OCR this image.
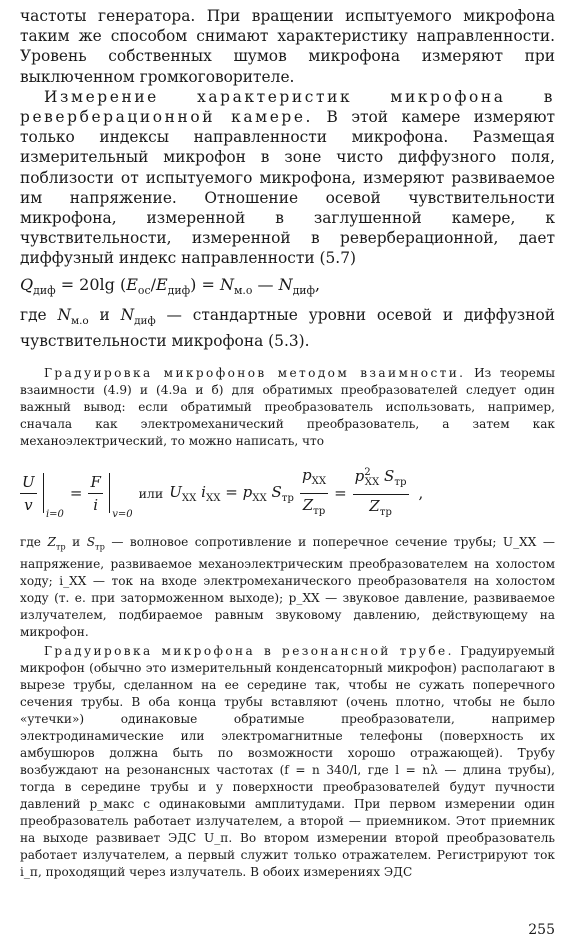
частоты генератора. При вращении испытуемого микрофона таким же способом снимают характеристику направленности. Уровень собственных шумов микрофона измеряют при выключенном громкоговорителе.

Измерение характеристик микрофона в реверберационной камере. В этой камере измеряют только индексы направленности микрофона. Размещая измерительный микрофон в зоне чисто диффузного поля, поблизости от испытуемого микрофона, измеряют развиваемое им напряжение. Отношение осевой чувствительности микрофона, измеренной в заглушенной камере, к чувствительности, измеренной в реверберационной, дает диффузный индекс направленности (5.7)

$Q_{диф} = 20\lg$ $(E_{ос}/E_{диф}) = N_{м.о}$ — $N_{диф}$,

где $N_{м.о}$ и $N_{диф}$ — стандартные уровни осевой и диффузной чувствительности микрофона (5.3).

Градуировка микрофонов методом взаимности. Из теоремы взаимности (4.9) и (4.9а и б) для обратимых преобразователей следует один важный вывод: если обратимый преобразователь использовать, например, сначала как электромеханический преобразователь, а затем как механоэлектрический, то можно написать, что

$\frac{U}{v}$
i=0
= $\frac{F}{i}$
v=0
или $U_{XX}$ $i_{XX} = p_{XX}$ $S_{тр} \frac{p_{XX}}{Z_{тр}} = \frac{p^2_{XX} S_{тр}}{Z_{тр}}$ ,

где $Z_{тр}$ и $S_{тр}$ — волновое сопротивление и поперечное сечение трубы; U_XX — напряжение, развиваемое механоэлектрическим преобразователем на холостом ходу; i_XX — ток на входе электромеханического преобразователя на холостом ходу (т. е. при заторможенном выходе); p_XX — звуковое давление, развиваемое излучателем, подбираемое равным звуковому давлению, действующему на микрофон.

Градуировка микрофона в резонансной трубе. Градуируемый микрофон (обычно это измерительный конденсаторный микрофон) располагают в вырезе трубы, сделанном на ее середине так, чтобы не сужать поперечного сечения трубы. В оба конца трубы вставляют (очень плотно, чтобы не было «утечки») одинаковые обратимые преобразователи, например электродинамические или электромагнитные телефоны (поверхность их амбушюров должна быть по возможности хорошо отражающей). Трубу возбуждают на резонансных частотах (f = n 340/l, где l = nλ — длина трубы), тогда в середине трубы и у поверхности преобразователей будут пучности давлений p_макс с одинаковыми амплитудами. При первом измерении один преобразователь работает излучателем, а второй — приемником. Этот приемник на выходе развивает ЭДС U_п. Во втором измерении второй преобразователь работает излучателем, а первый служит только отражателем. Регистрируют ток i_п, проходящий через излучатель. В обоих измерениях ЭДС

255
